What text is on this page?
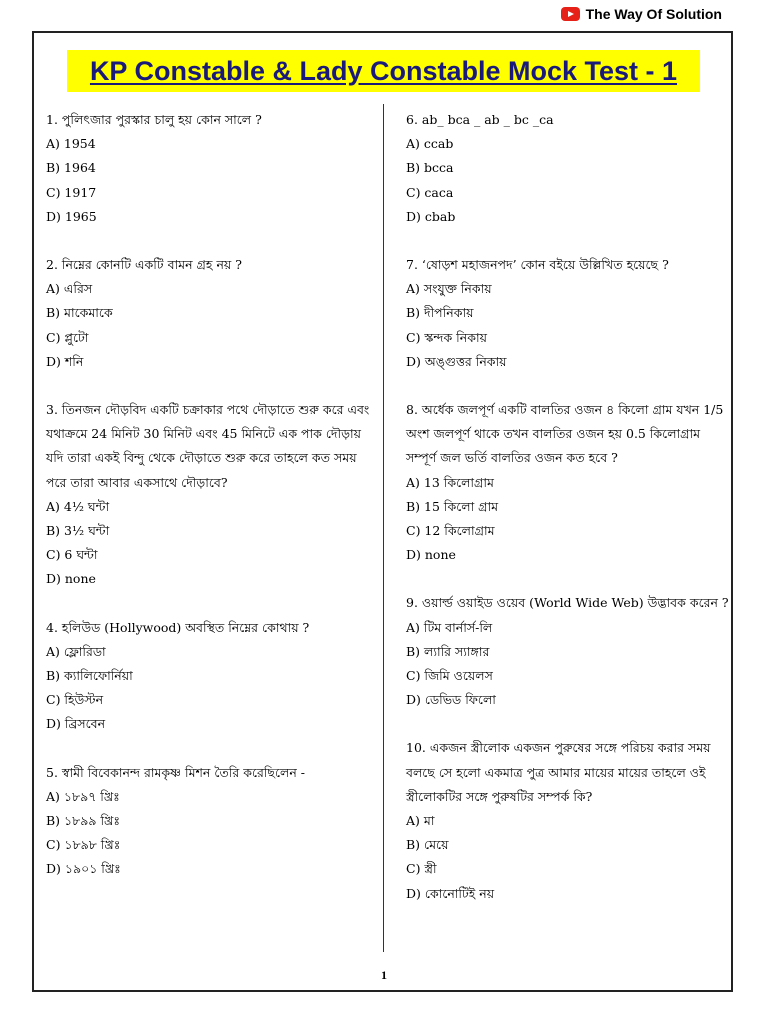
The Way Of Solution
KP Constable & Lady Constable Mock Test - 1
1. পুলিৎজার পুরস্কার চালু হয় কোন সালে ?
A) 1954
B) 1964
C) 1917
D) 1965
2. নিম্নের কোনটি একটি বামন গ্রহ নয় ?
A) এরিস
B) মাকেমাকে
C) প্লুটো
D) শনি
3. তিনজন দৌড়বিদ একটি চক্রাকার পথে দৌড়াতে শুরু করে এবং যথাক্রমে 24 মিনিট 30 মিনিট এবং 45 মিনিটে এক পাক দৌড়ায় যদি তারা একই বিন্দু থেকে দৌড়াতে শুরু করে তাহলে কত সময় পরে তারা আবার একসাথে দৌড়াবে?
A) 4½ ঘন্টা
B) 3½ ঘন্টা
C) 6 ঘন্টা
D) none
4. হলিউড (Hollywood) অবস্থিত নিম্নের কোথায় ?
A) ফ্লোরিডা
B) ক্যালিফোর্নিয়া
C) হিউস্টন
D) ব্রিসবেন
5. স্বামী বিবেকানন্দ রামকৃষ্ণ মিশন তৈরি করেছিলেন -
A) ১৮৯৭ খ্রিঃ
B) ১৮৯৯ খ্রিঃ
C) ১৮৯৮ খ্রিঃ
D) ১৯০১ খ্রিঃ
6. ab_ bca _ ab _ bc _ca
A) ccab
B) bcca
C) caca
D) cbab
7. ‘ষোড়শ মহাজনপদ’ কোন বইয়ে উল্লিখিত হয়েছে ?
A) সংযুক্ত নিকায়
B) দীপনিকায়
C) স্কন্দক নিকায়
D) অঙ্গুত্তর নিকায়
8. অর্ধেক জলপূর্ণ একটি বালতির ওজন ৪ কিলো গ্রাম যখন 1/5 অংশ জলপূর্ণ থাকে তখন বালতির ওজন হয় 0.5 কিলোগ্রাম সম্পূর্ণ জল ভর্তি বালতির ওজন কত হবে ?
A) 13 কিলোগ্রাম
B) 15 কিলো গ্রাম
C) 12 কিলোগ্রাম
D) none
9. ওয়ার্ল্ড ওয়াইড ওয়েব (World Wide Web) উদ্ভাবক করেন ?
A) টিম বার্নার্স-লি
B) ল্যারি স্যাঙ্গার
C) জিমি ওয়েলস
D) ডেভিড ফিলো
10. একজন স্ত্রীলোক একজন পুরুষের সঙ্গে পরিচয় করার সময় বলছে সে হলো একমাত্র পুত্র আমার মায়ের মায়ের তাহলে ওই স্ত্রীলোকটির সঙ্গে পুরুষটির সম্পর্ক কি?
A) মা
B) মেয়ে
C) স্ত্রী
D) কোনোটিই নয়
1
